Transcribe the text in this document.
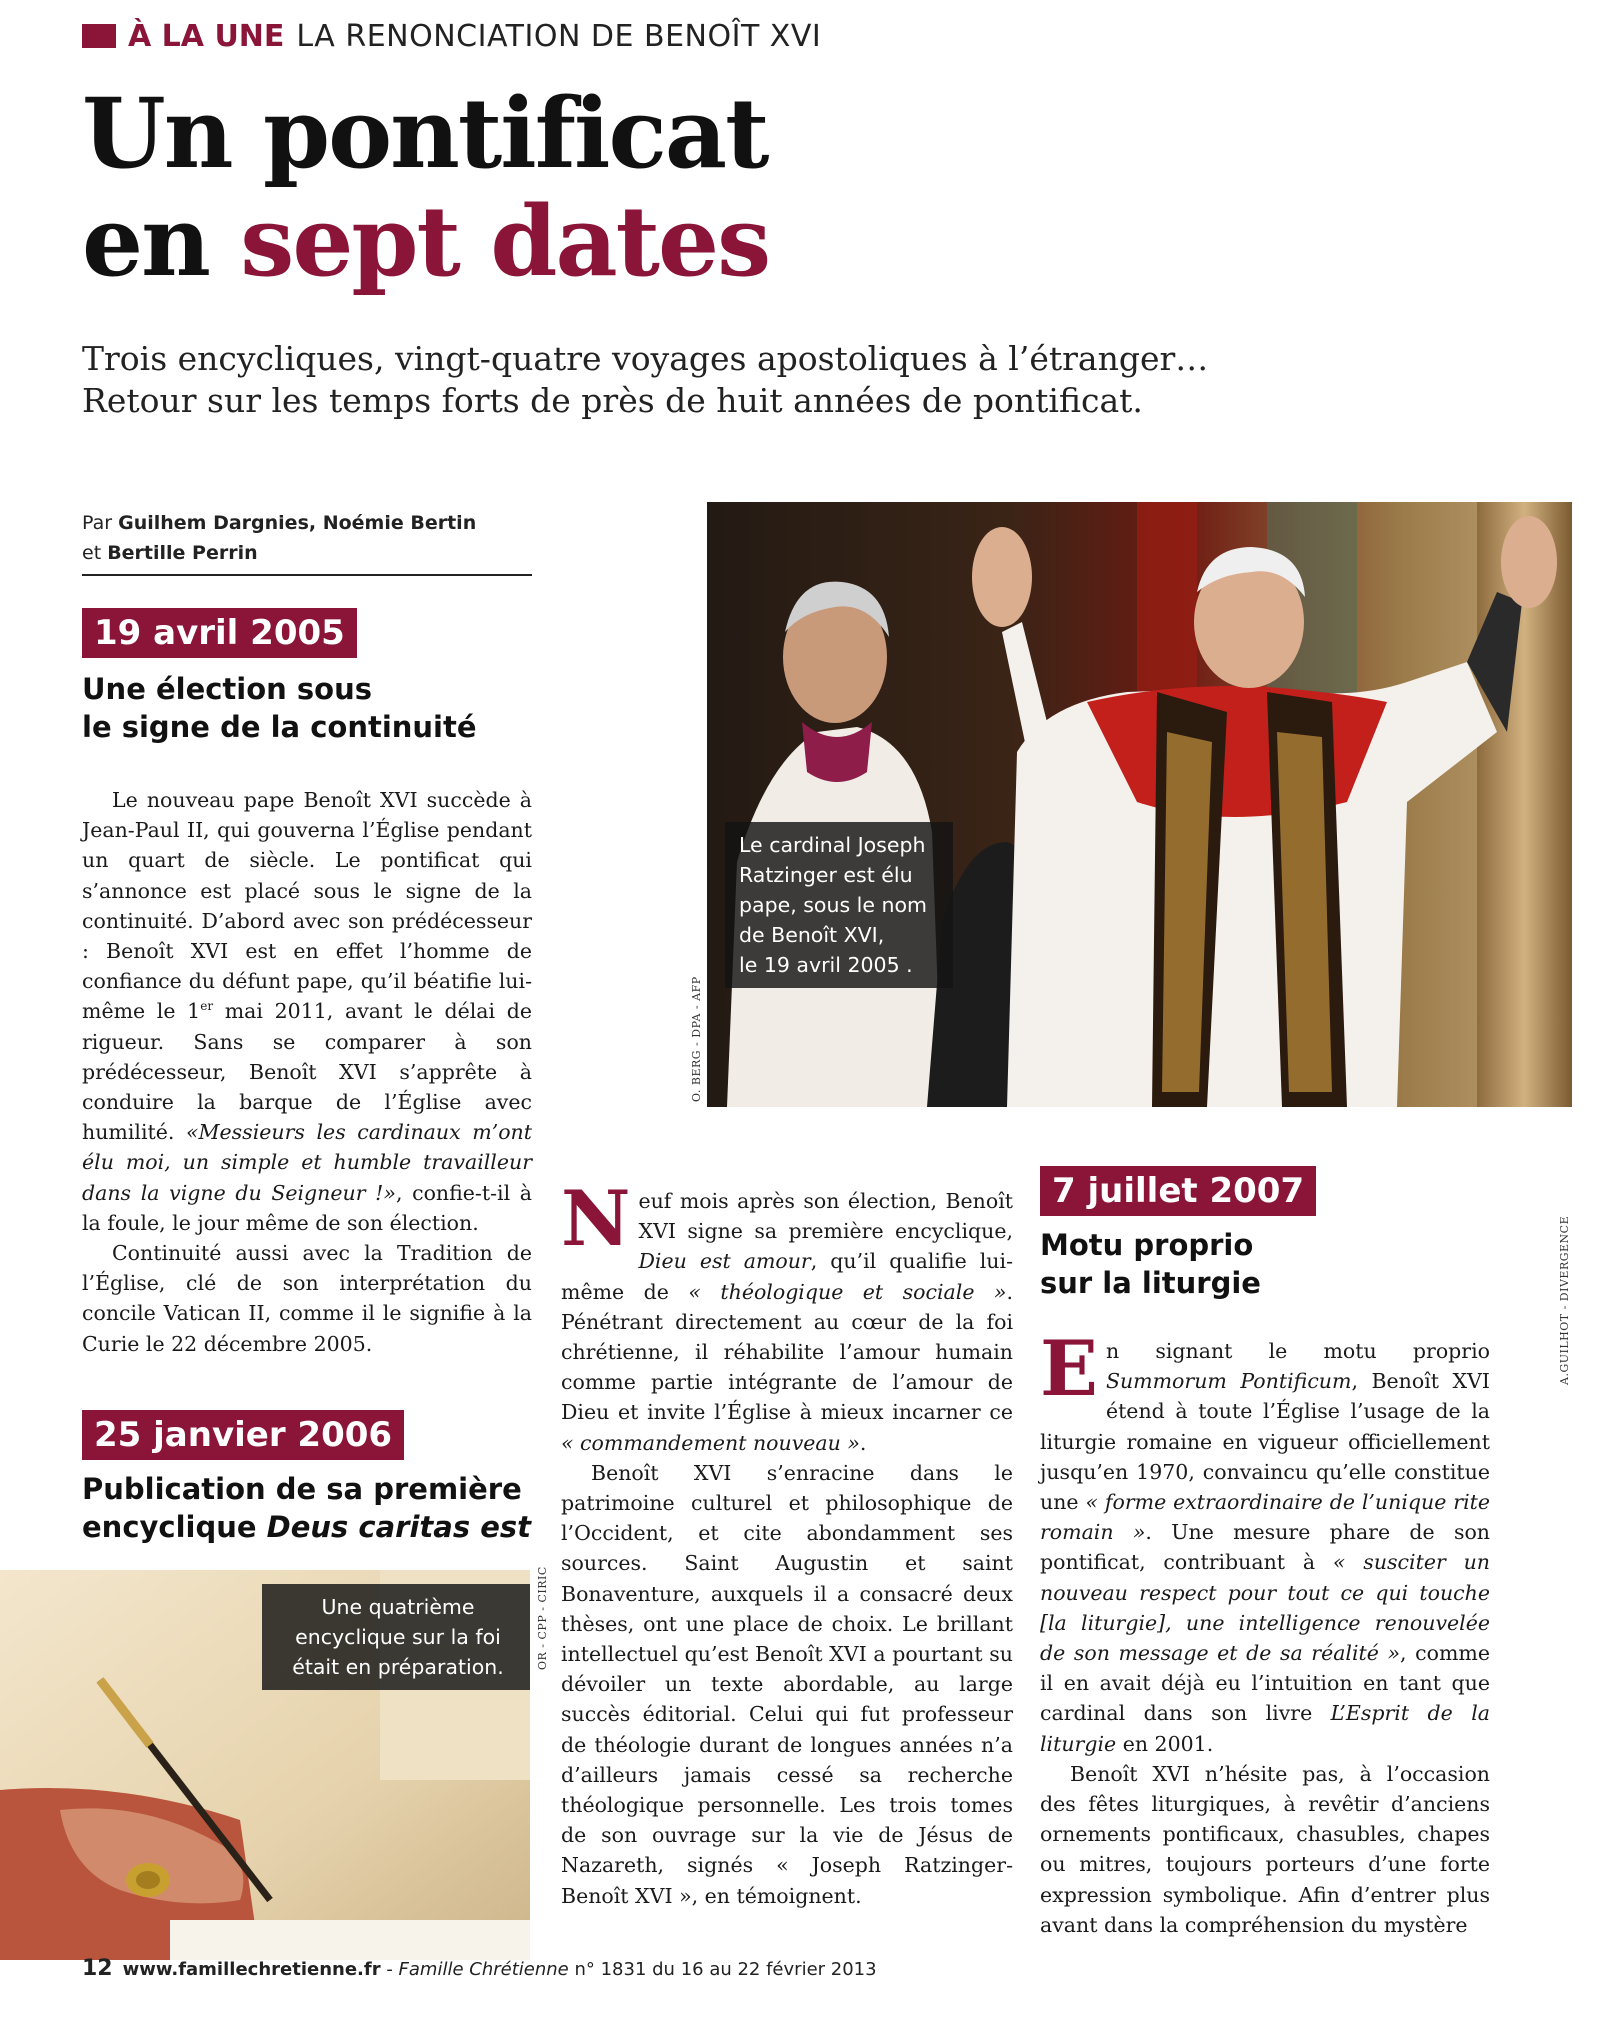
À LA UNE LA RENONCIATION DE BENOÎT XVI
Un pontificat
en sept dates
Trois encycliques, vingt-quatre voyages apostoliques à l’étranger…
Retour sur les temps forts de près de huit années de pontificat.
Par Guilhem Dargnies, Noémie Bertin
et Bertille Perrin
19 avril 2005
Une élection sous
le signe de la continuité

Le nouveau pape Benoît XVI succède à Jean-Paul II, qui gouverna l’Église pendant un quart de siècle. Le pontificat qui s’annonce est placé sous le signe de la continuité. D’abord avec son prédécesseur : Benoît XVI est en effet l’homme de confiance du défunt pape, qu’il béatifie lui-même le 1er mai 2011, avant le délai de rigueur. Sans se comparer à son prédécesseur, Benoît XVI s’apprête à conduire la barque de l’Église avec humilité. «Messieurs les cardinaux m’ont élu moi, un simple et humble travailleur dans la vigne du Seigneur !», confie-t-il à la foule, le jour même de son élection.

Continuité aussi avec la Tradition de l’Église, clé de son interprétation du concile Vatican II, comme il le signifie à la Curie le 22 décembre 2005.

25 janvier 2006
Publication de sa première
encyclique Deus caritas est

Neuf mois après son élection, Benoît XVI signe sa première encyclique, Dieu est amour, qu’il qualifie lui-même de « théologique et sociale ». Pénétrant directement au cœur de la foi chrétienne, il réhabilite l’amour humain comme partie intégrante de l’amour de Dieu et invite l’Église à mieux incarner ce « commandement nouveau ».

Benoît XVI s’enracine dans le patrimoine culturel et philosophique de l’Occident, et cite abondamment ses sources. Saint Augustin et saint Bonaventure, auxquels il a consacré deux thèses, ont une place de choix. Le brillant intellectuel qu’est Benoît XVI a pourtant su dévoiler un texte abordable, au large succès éditorial. Celui qui fut professeur de théologie durant de longues années n’a d’ailleurs jamais cessé sa recherche théologique personnelle. Les trois tomes de son ouvrage sur la vie de Jésus de Nazareth, signés « Joseph Ratzinger-Benoît XVI », en témoignent.

7 juillet 2007
Motu proprio
sur la liturgie

En signant le motu proprio Summorum Pontificum, Benoît XVI étend à toute l’Église l’usage de la liturgie romaine en vigueur officiellement jusqu’en 1970, convaincu qu’elle constitue une « forme extraordinaire de l’unique rite romain ». Une mesure phare de son pontificat, contribuant à « susciter un nouveau respect pour tout ce qui touche [la liturgie], une intelligence renouvelée de son message et de sa réalité », comme il en avait déjà eu l’intuition en tant que cardinal dans son livre L’Esprit de la liturgie en 2001.

Benoît XVI n’hésite pas, à l’occasion des fêtes liturgiques, à revêtir d’anciens ornements pontificaux, chasubles, chapes ou mitres, toujours porteurs d’une forte expression symbolique. Afin d’entrer plus avant dans la compréhension du mystère

Le cardinal Joseph
Ratzinger est élu
pape, sous le nom
de Benoît XVI,
le 19 avril 2005 .
O. BERG - DPA - AFP
Une quatrième
encyclique sur la foi
était en préparation.	OR - CPP - CIRIC
A.GUILHOT - DIVERGENCE
12 www.famillechretienne.fr - Famille Chrétienne n° 1831 du 16 au 22 février 2013
